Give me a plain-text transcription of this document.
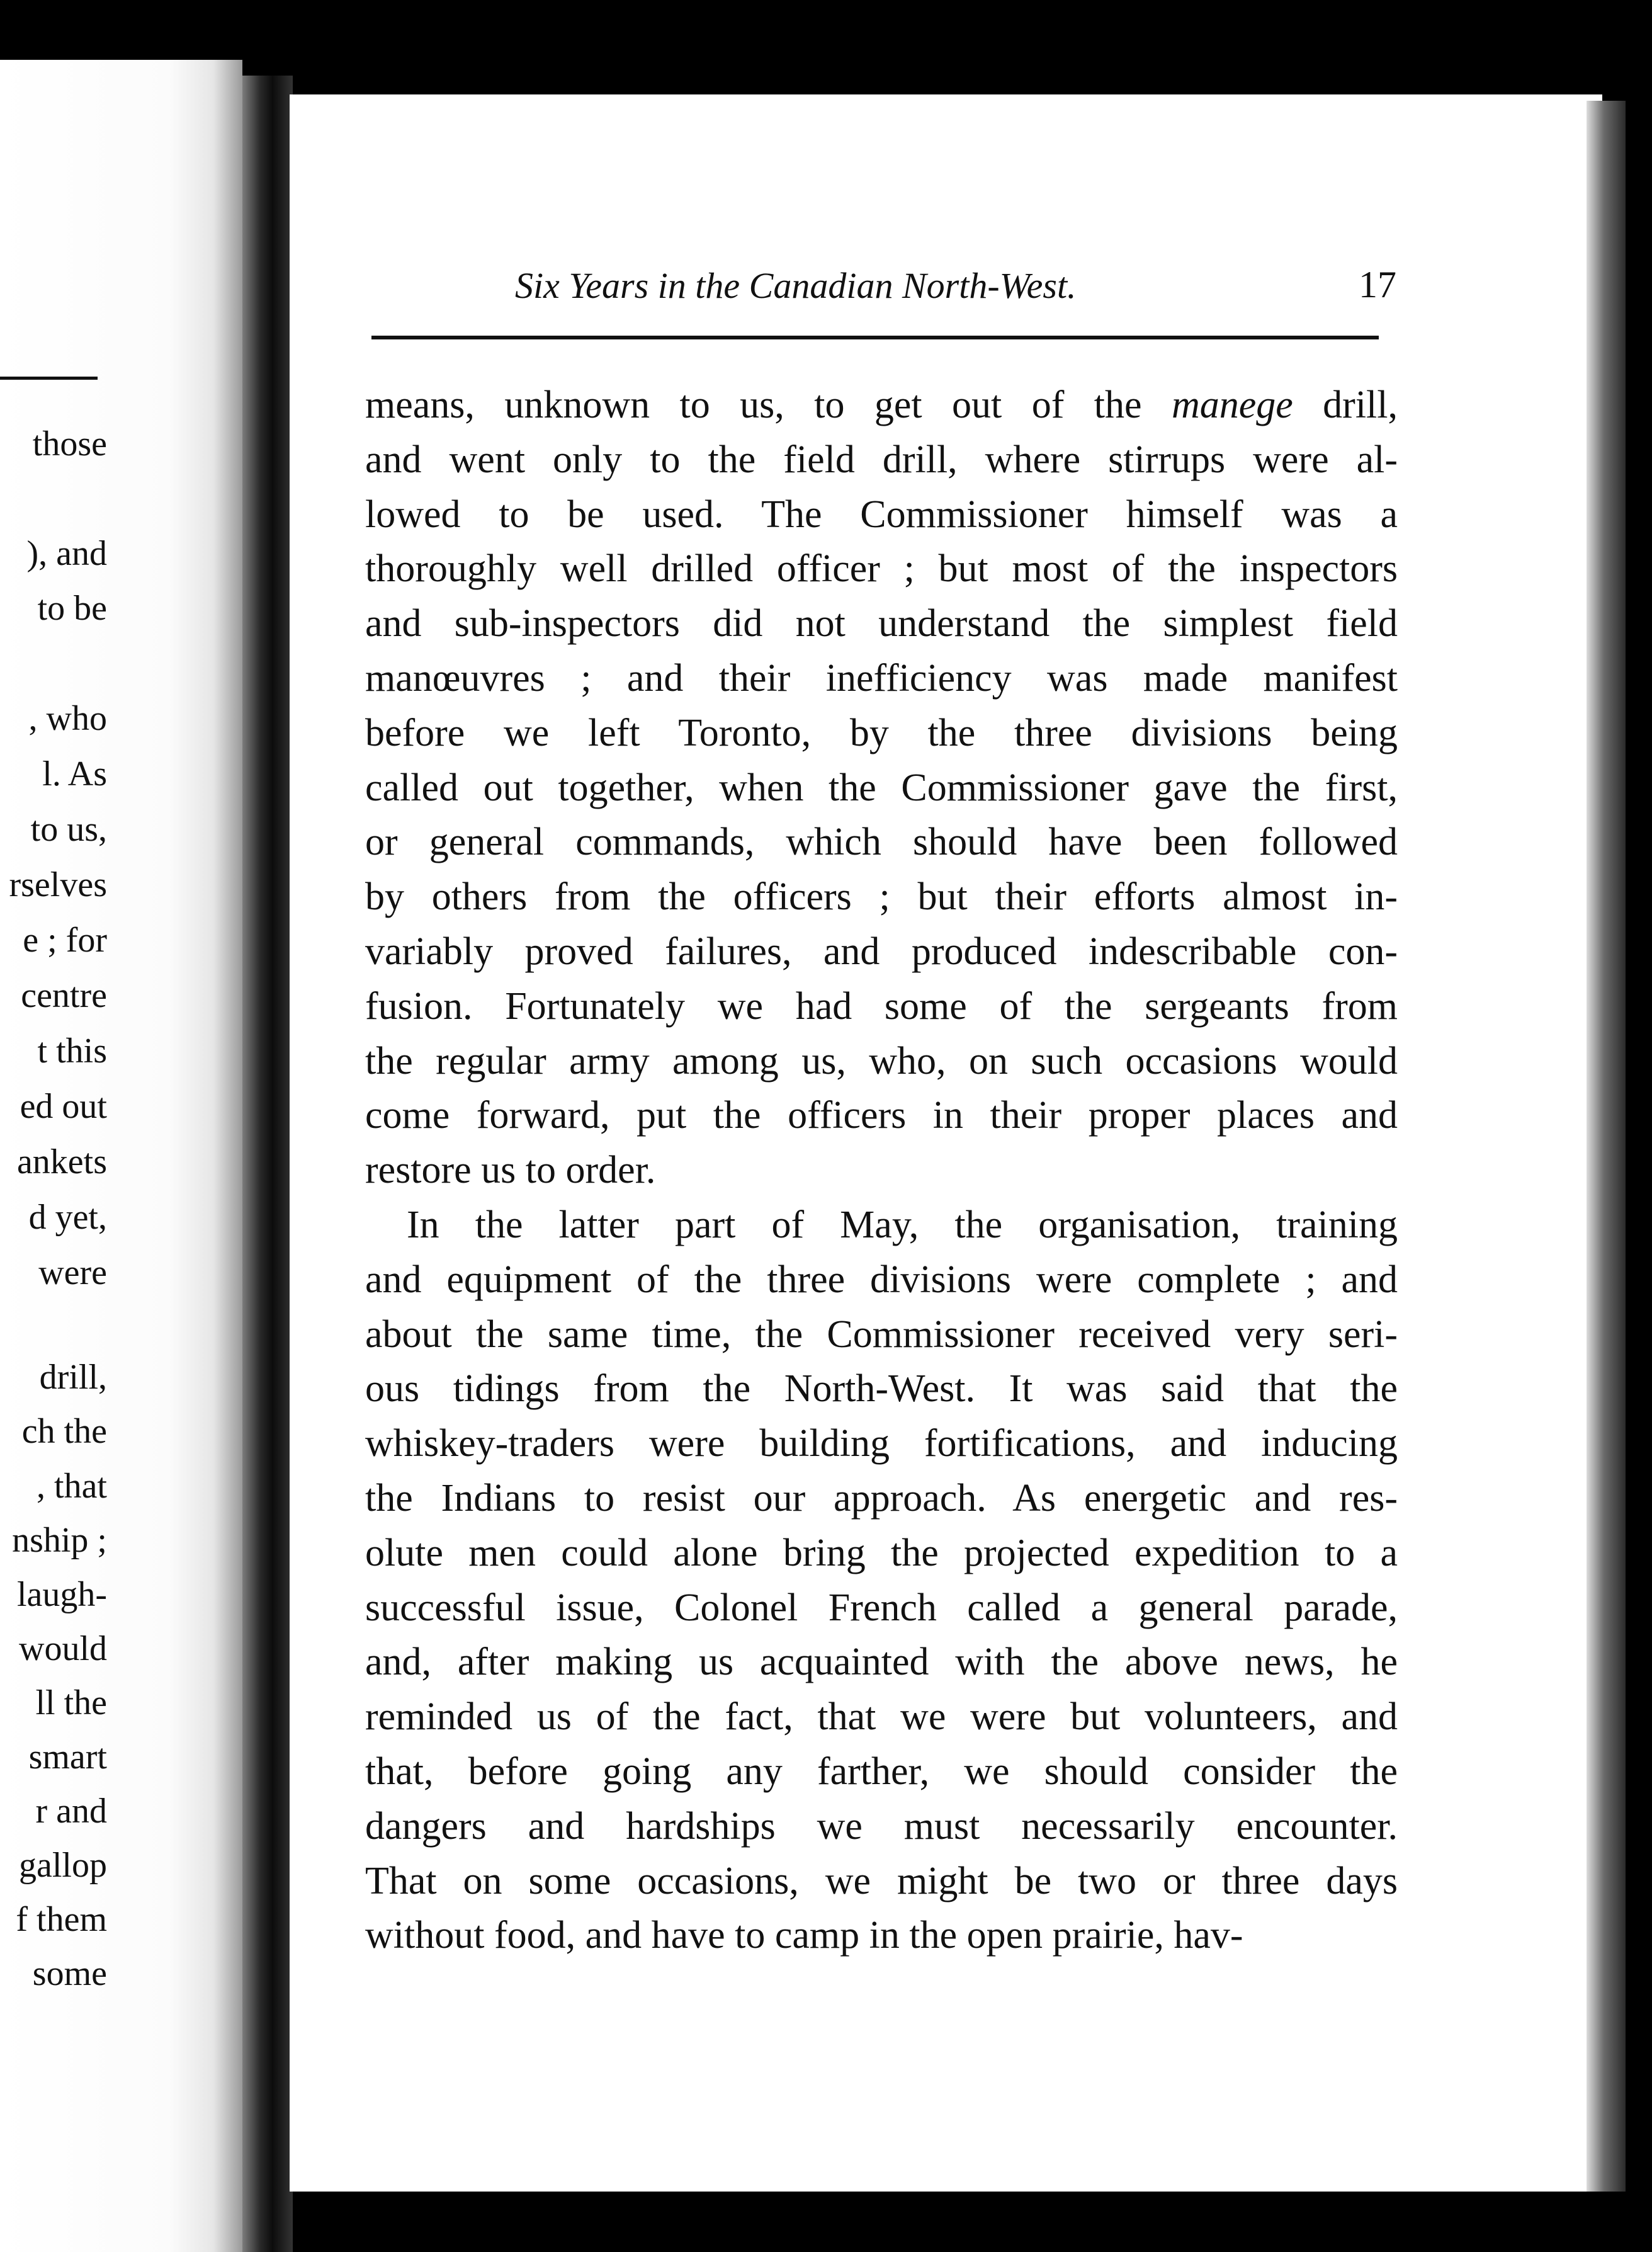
those
), and
to be
, who
l. As
to us,
rselves
e ; for
centre
t this
ed out
ankets
d yet,
were
drill,
ch the
, that
nship ;
laugh-
would
ll the
smart
r and
gallop
f them
some
Six Years in the Canadian North-West.	17
means, unknown to us, to get out of the manege drill,
and went only to the field drill, where stirrups were al-
lowed to be used. The Commissioner himself was a
thoroughly well drilled officer ; but most of the inspectors
and sub-inspectors did not understand the simplest field
manœuvres ; and their inefficiency was made manifest
before we left Toronto, by the three divisions being
called out together, when the Commissioner gave the first,
or general commands, which should have been followed
by others from the officers ; but their efforts almost in-
variably proved failures, and produced indescribable con-
fusion. Fortunately we had some of the sergeants from
the regular army among us, who, on such occasions would
come forward, put the officers in their proper places and
restore us to order.
In the latter part of May, the organisation, training
and equipment of the three divisions were complete ; and
about the same time, the Commissioner received very seri-
ous tidings from the North-West. It was said that the
whiskey-traders were building fortifications, and inducing
the Indians to resist our approach. As energetic and res-
olute men could alone bring the projected expedition to a
successful issue, Colonel French called a general parade,
and, after making us acquainted with the above news, he
reminded us of the fact, that we were but volunteers, and
that, before going any farther, we should consider the
dangers and hardships we must necessarily encounter.
That on some occasions, we might be two or three days
without food, and have to camp in the open prairie, hav-
